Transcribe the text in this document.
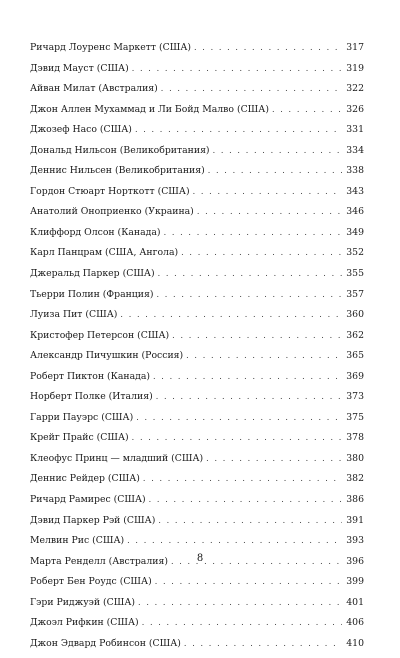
Ричард Лоуренс Маркетт (США) . . .	317
Дэвид Мауст (США) . . .	319
Айван Милат (Австралия) . . .	322
Джон Аллен Мухаммад и Ли Бойд Малво (США) . . .	326
Джозеф Насо (США) . . .	331
Дональд Нильсон (Великобритания) . . .	334
Деннис Нильсен (Великобритания) . . .	338
Гордон Стюарт Норткотт (США) . . .	343
Анатолий Оноприенко (Украина) . . .	346
Клиффорд Олсон (Канада) . . .	349
Карл Панцрам (США, Ангола) . . .	352
Джеральд Паркер (США) . . .	355
Тьерри Полин (Франция) . . .	357
Луиза Пит (США) . . .	360
Кристофер Петерсон (США) . . .	362
Александр Пичушкин (Россия) . . .	365
Роберт Пиктон (Канада) . . .	369
Норберт Полке (Италия) . . .	373
Гарри Пауэрс (США) . . .	375
Крейг Прайс (США) . . .	378
Клеофус Принц — младший (США) . . .	380
Деннис Рейдер (США) . . .	382
Ричард Рамирес (США) . . .	386
Дэвид Паркер Рэй (США) . . .	391
Мелвин Рис (США) . . .	393
Марта Ренделл (Австралия) . . .	396
Роберт Бен Роудс (США) . . .	399
Гэри Риджуэй (США) . . .	401
Джоэл Рифкин (США) . . .	406
Джон Эдвард Робинсон (США) . . .	410
8
